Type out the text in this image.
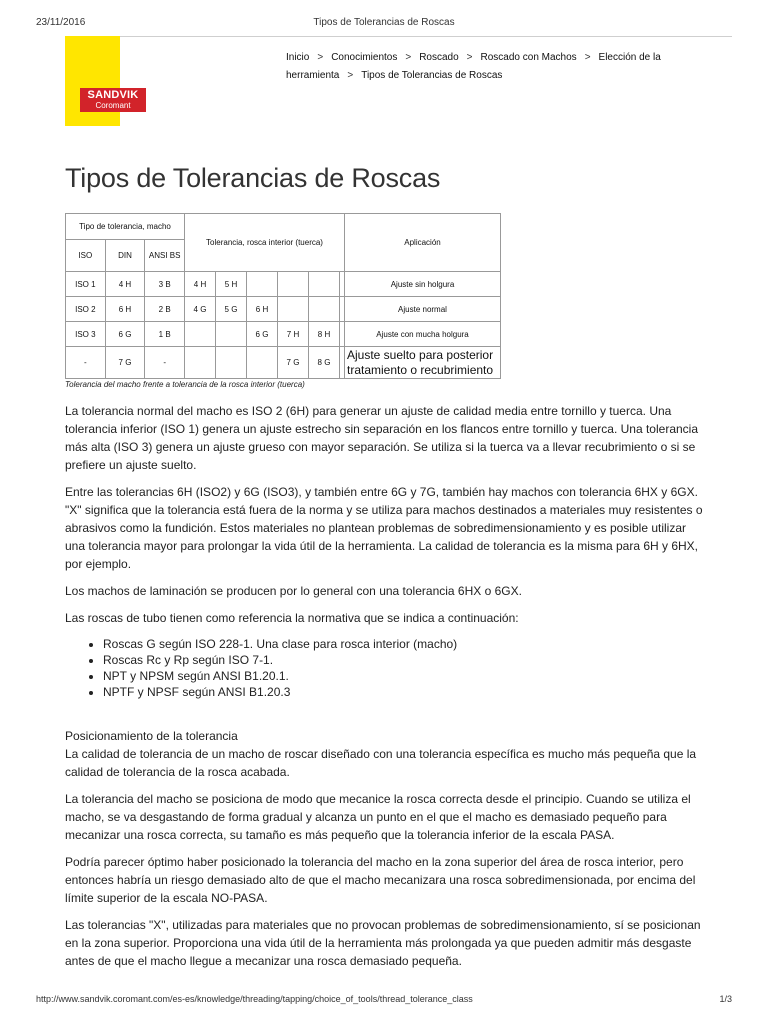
23/11/2016	Tipos de Tolerancias de Roscas
SANDVIK
Coromant
Inicio > Conocimientos > Roscado > Roscado con Machos > Elección de la herramienta > Tipos de Tolerancias de Roscas
Tipos de Tolerancias de Roscas
Tipo de tolerancia, macho			Tolerancia, rosca interior (tuerca)						Aplicación
ISO	DIN	ANSI BS							
ISO 1	4 H	3 B	4 H	5 H					Ajuste sin holgura
ISO 2	6 H	2 B	4 G	5 G	6 H				Ajuste normal
ISO 3	6 G	1 B			6 G	7 H	8 H		Ajuste con mucha holgura
-	7 G	-				7 G	8 G		Ajuste suelto para posterior tratamiento o recubrimiento
Tolerancia del macho frente a tolerancia de la rosca interior (tuerca)

La tolerancia normal del macho es ISO 2 (6H) para generar un ajuste de calidad media entre tornillo y tuerca. Una tolerancia inferior (ISO 1) genera un ajuste estrecho sin separación en los flancos entre tornillo y tuerca. Una tolerancia más alta (ISO 3) genera un ajuste grueso con mayor separación. Se utiliza si la tuerca va a llevar recubrimiento o si se prefiere un ajuste suelto.

Entre las tolerancias 6H (ISO2) y 6G (ISO3), y también entre 6G y 7G, también hay machos con tolerancia 6HX y 6GX. "X" significa que la tolerancia está fuera de la norma y se utiliza para machos destinados a materiales muy resistentes o abrasivos como la fundición. Estos materiales no plantean problemas de sobredimensionamiento y es posible utilizar una tolerancia mayor para prolongar la vida útil de la herramienta. La calidad de tolerancia es la misma para 6H y 6HX, por ejemplo.

Los machos de laminación se producen por lo general con una tolerancia 6HX o 6GX.

Las roscas de tubo tienen como referencia la normativa que se indica a continuación:

• Roscas G según ISO 228-1. Una clase para rosca interior (macho)
• Roscas Rc y Rp según ISO 7-1.
• NPT y NPSM según ANSI B1.20.1.
• NPTF y NPSF según ANSI B1.20.3

Posicionamiento de la tolerancia

La calidad de tolerancia de un macho de roscar diseñado con una tolerancia específica es mucho más pequeña que la calidad de tolerancia de la rosca acabada.

La tolerancia del macho se posiciona de modo que mecanice la rosca correcta desde el principio. Cuando se utiliza el macho, se va desgastando de forma gradual y alcanza un punto en el que el macho es demasiado pequeño para mecanizar una rosca correcta, su tamaño es más pequeño que la tolerancia inferior de la escala PASA.

Podría parecer óptimo haber posicionado la tolerancia del macho en la zona superior del área de rosca interior, pero entonces habría un riesgo demasiado alto de que el macho mecanizara una rosca sobredimensionada, por encima del límite superior de la escala NO-PASA.

Las tolerancias "X", utilizadas para materiales que no provocan problemas de sobredimensionamiento, sí se posicionan en la zona superior. Proporciona una vida útil de la herramienta más prolongada ya que pueden admitir más desgaste antes de que el macho llegue a mecanizar una rosca demasiado pequeña.

http://www.sandvik.coromant.com/es-es/knowledge/threading/tapping/choice_of_tools/thread_tolerance_class	1/3
